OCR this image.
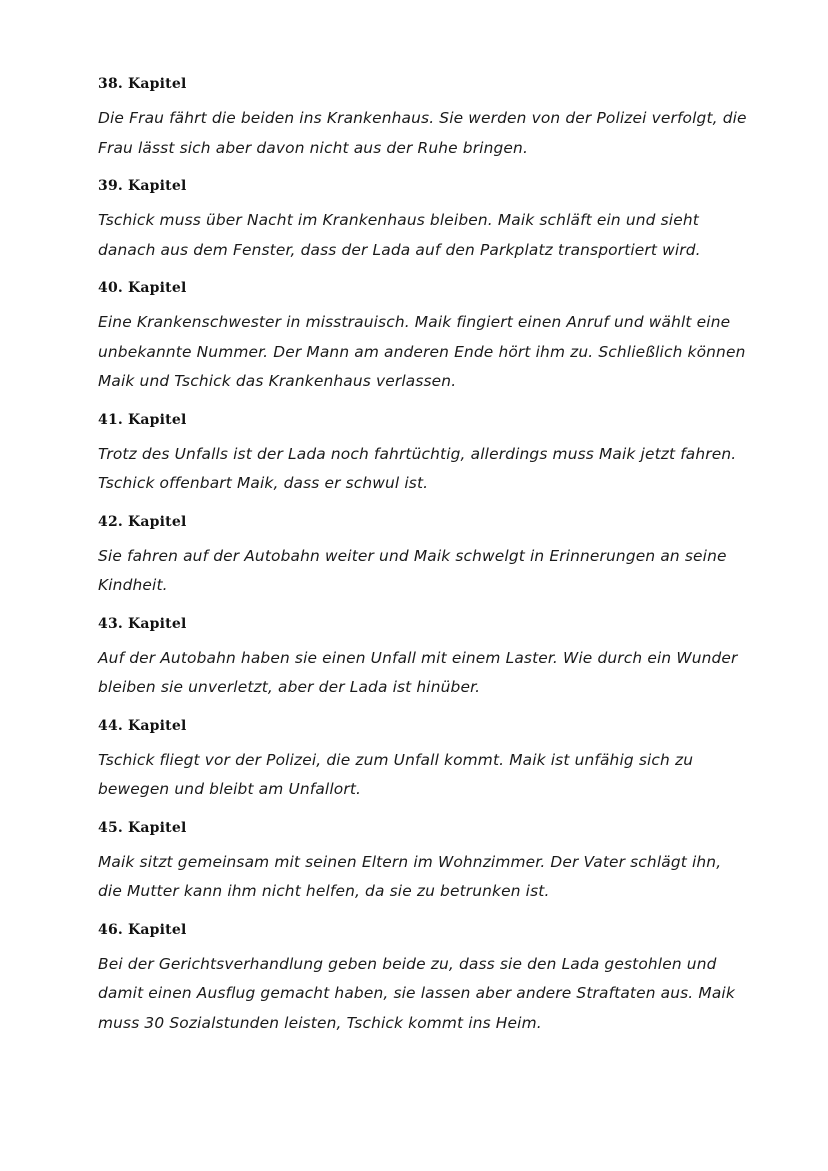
38. Kapitel

Die Frau fährt die beiden ins Krankenhaus. Sie werden von der Polizei verfolgt, die Frau lässt sich aber davon nicht aus der Ruhe bringen.

39. Kapitel

Tschick muss über Nacht im Krankenhaus bleiben. Maik schläft ein und sieht danach aus dem Fenster, dass der Lada auf den Parkplatz transportiert wird.

40. Kapitel

Eine Krankenschwester in misstrauisch. Maik fingiert einen Anruf und wählt eine unbekannte Nummer. Der Mann am anderen Ende hört ihm zu. Schließlich können Maik und Tschick das Krankenhaus verlassen.

41. Kapitel

Trotz des Unfalls ist der Lada noch fahrtüchtig, allerdings muss Maik jetzt fahren. Tschick offenbart Maik, dass er schwul ist.

42. Kapitel

Sie fahren auf der Autobahn weiter und Maik schwelgt in Erinnerungen an seine Kindheit.

43. Kapitel

Auf der Autobahn haben sie einen Unfall mit einem Laster. Wie durch ein Wunder bleiben sie unverletzt, aber der Lada ist hinüber.

44. Kapitel

Tschick fliegt vor der Polizei, die zum Unfall kommt. Maik ist unfähig sich zu bewegen und bleibt am Unfallort.

45. Kapitel

Maik sitzt gemeinsam mit seinen Eltern im Wohnzimmer. Der Vater schlägt ihn, die Mutter kann ihm nicht helfen, da sie zu betrunken ist.

46. Kapitel

Bei der Gerichtsverhandlung geben beide zu, dass sie den Lada gestohlen und damit einen Ausflug gemacht haben, sie lassen aber andere Straftaten aus. Maik muss 30 Sozialstunden leisten, Tschick kommt ins Heim.
